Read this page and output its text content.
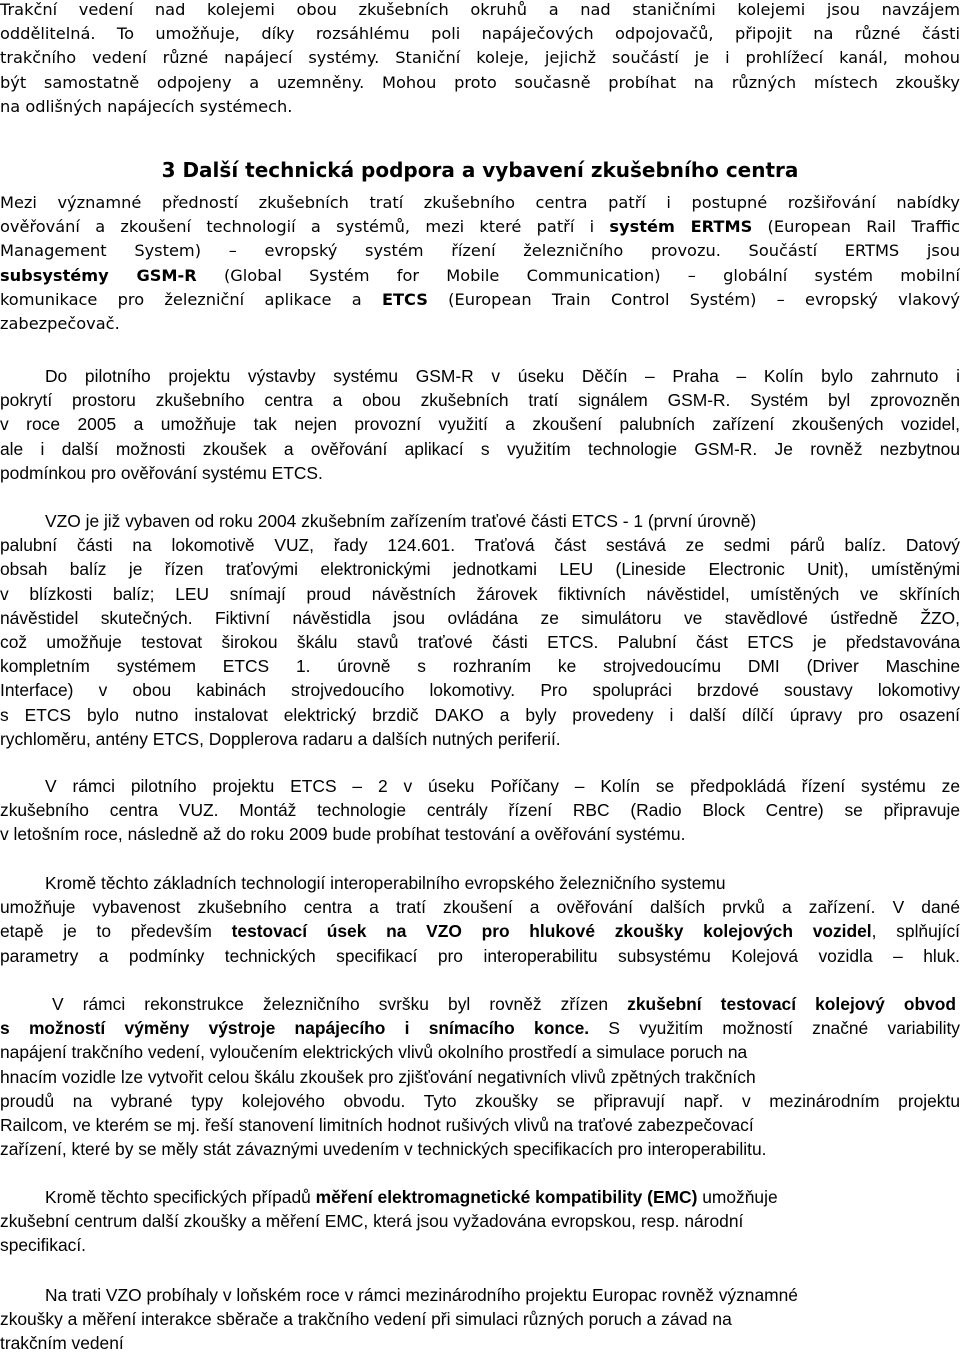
Trakční vedení nad kolejemi obou zkušebních okruhů a nad staničními kolejemi jsou navzájem
oddělitelná. To umožňuje, díky rozsáhlému poli napáječových odpojovačů, připojit na různé části
trakčního vedení různé napájecí systémy. Staniční koleje, jejichž součástí je i prohlížecí kanál, mohou
být samostatně odpojeny a uzemněny. Mohou proto současně probíhat na různých místech zkoušky
na odlišných napájecích systémech.
3 Další technická podpora a vybavení zkušebního centra
Mezi významné předností zkušebních tratí zkušebního centra patří i postupné rozšiřování nabídky
ověřování a zkoušení technologií a systémů, mezi které patří i systém ERTMS (European Rail Traffic
Management System) – evropský systém řízení železničního provozu. Součástí ERTMS jsou
subsystémy GSM-R (Global Systém for Mobile Communication) – globální systém mobilní
komunikace pro železniční aplikace a ETCS (European Train Control Systém) – evropský vlakový
zabezpečovač.
Do pilotního projektu výstavby systému GSM-R v úseku Děčín – Praha – Kolín bylo zahrnuto i
pokrytí prostoru zkušebního centra a obou zkušebních tratí signálem GSM-R. Systém byl zprovozněn
v roce 2005 a umožňuje tak nejen provozní využití a zkoušení palubních zařízení zkoušených vozidel,
ale i další možnosti zkoušek a ověřování aplikací s využitím technologie GSM-R. Je rovněž nezbytnou
podmínkou pro ověřování systému ETCS.
VZO je již vybaven od roku 2004 zkušebním zařízením traťové části ETCS - 1 (první úrovně)
palubní části na lokomotivě VUZ, řady 124.601. Traťová část sestává ze sedmi párů balíz. Datový
obsah balíz je řízen traťovými elektronickými jednotkami LEU (Lineside Electronic Unit), umístěnými
v blízkosti balíz; LEU snímají proud návěstních žárovek fiktivních návěstidel, umístěných ve skříních
návěstidel skutečných. Fiktivní návěstidla jsou ovládána ze simulátoru ve stavědlové ústředně ŽZO,
což umožňuje testovat širokou škálu stavů traťové části ETCS. Palubní část ETCS je představována
kompletním systémem ETCS 1. úrovně s rozhraním ke strojvedoucímu DMI (Driver Maschine
Interface) v obou kabinách strojvedoucího lokomotivy. Pro spolupráci brzdové soustavy lokomotivy
s ETCS bylo nutno instalovat elektrický brzdič DAKO a byly provedeny i další dílčí úpravy pro osazení
rychloměru, antény ETCS, Dopplerova radaru a dalších nutných periferií.
V rámci pilotního projektu ETCS – 2 v úseku Poříčany – Kolín se předpokládá řízení systému ze
zkušebního centra VUZ. Montáž technologie centrály řízení RBC (Radio Block Centre) se připravuje
v letošním roce, následně až do roku 2009 bude probíhat testování a ověřování systému.
Kromě těchto základních technologií interoperabilního evropského železničního systemu
umožňuje vybavenost zkušebního centra a tratí zkoušení a ověřování dalších prvků a zařízení. V dané
etapě je to především testovací úsek na VZO pro hlukové zkoušky kolejových vozidel, splňující
parametry a podmínky technických specifikací pro interoperabilitu subsystému Kolejová vozidla – hluk.
V rámci rekonstrukce železničního svršku byl rovněž zřízen zkušební testovací kolejový obvod
s možností výměny výstroje napájecího i snímacího konce. S využitím možností značné variability
napájení trakčního vedení, vyloučením elektrických vlivů okolního prostředí a simulace poruch na
hnacím vozidle lze vytvořit celou škálu zkoušek pro zjišťování negativních vlivů zpětných trakčních
proudů na vybrané typy kolejového obvodu. Tyto zkoušky se připravují např. v mezinárodním projektu
Railcom, ve kterém se mj. řeší stanovení limitních hodnot rušivých vlivů na traťové zabezpečovací
zařízení, které by se měly stát závaznými uvedením v technických specifikacích pro interoperabilitu.
Kromě těchto specifických případů měření elektromagnetické kompatibility (EMC) umožňuje
zkušební centrum další zkoušky a měření EMC, která jsou vyžadována evropskou, resp. národní
specifikací.
Na trati VZO probíhaly v loňském roce v rámci mezinárodního projektu Europac rovněž významné
zkoušky a měření interakce sběrače a trakčního vedení při simulaci různých poruch a závad na
trakčním vedení
